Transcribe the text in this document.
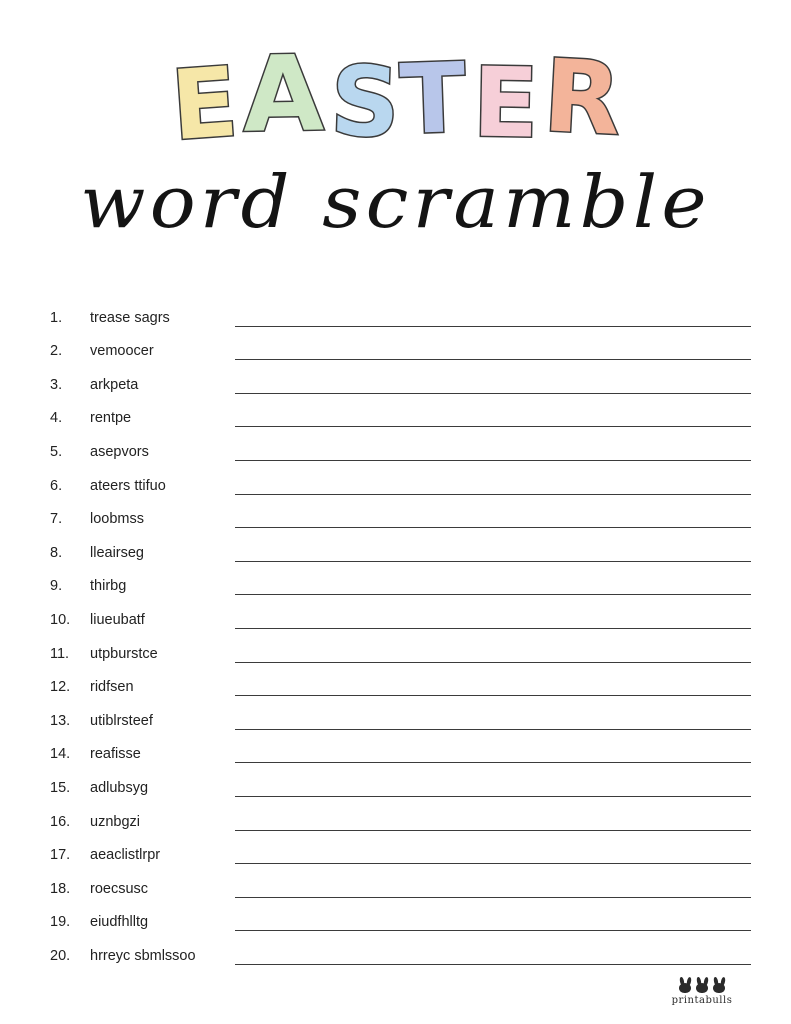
E A S
T E R
word scramble
1.	trease sagrs
2.	vemoocer
3.	arkpeta
4.	rentpe
5.	asepvors
6.	ateers ttifuo
7.	loobmss
8.	lleairseg
9.	thirbg
10.	liueubatf
11.	utpburstce
12.	ridfsen
13.	utiblrsteef
14.	reafisse
15.	adlubsyg
16.	uznbgzi
17.	aeaclistlrpr
18.	roecsusc
19.	eiudfhlltg
20.	hrreyc sbmlssoo
printabulls
